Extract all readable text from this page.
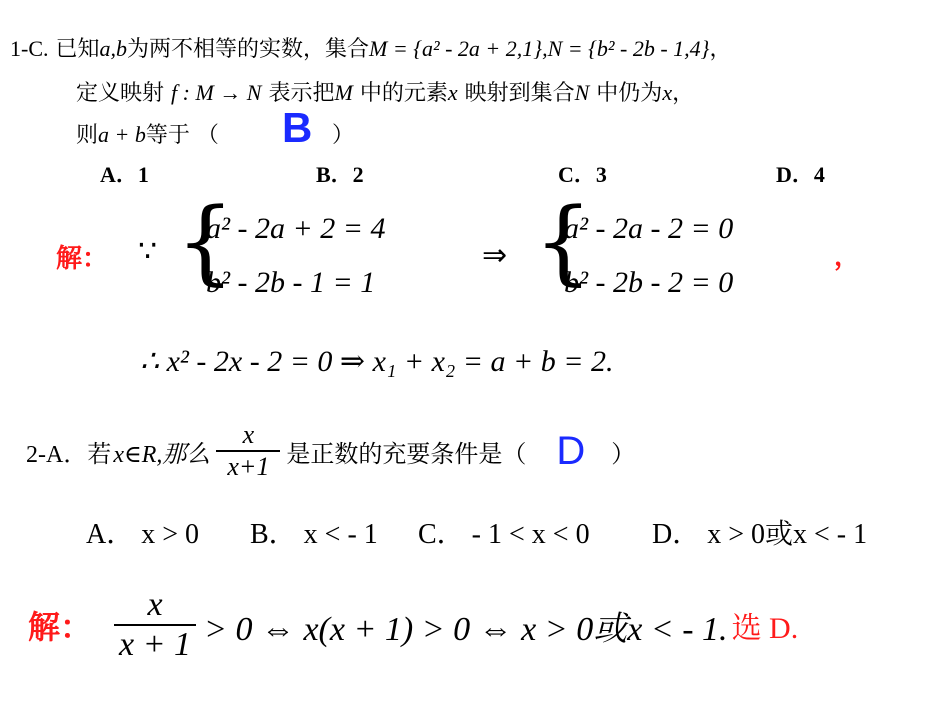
1-C. 已知a,b为两不相等的实数，集合M = {a² - 2a + 2,1},N = {b² - 2b - 1,4}，
定义映射 f : M → N 表示把M 中的元素x 映射到集合N 中仍为x，
则a + b等于 （ B ）
A．1	B．2	C．3	D．4
解： ∵ {
a² - 2a + 2 = 4
b² - 2b - 1 = 1
⇒ {
a² - 2a - 2 = 0
b² - 2b - 2 = 0
，
∴ x² - 2x - 2 = 0 ⇒ x₁ + x₂ = a + b = 2.
2-A．若 x∈R,那么 $\frac{x}{x+1}$ 是正数的充要条件是（ D ）
A． x > 0 B． x < - 1 C． - 1 < x < 0 D． x > 0或x < - 1
解： $\frac{x}{x + 1} > 0$ ⇔ x(x + 1) > 0 ⇔ x > 0或x < - 1. 选 D.
